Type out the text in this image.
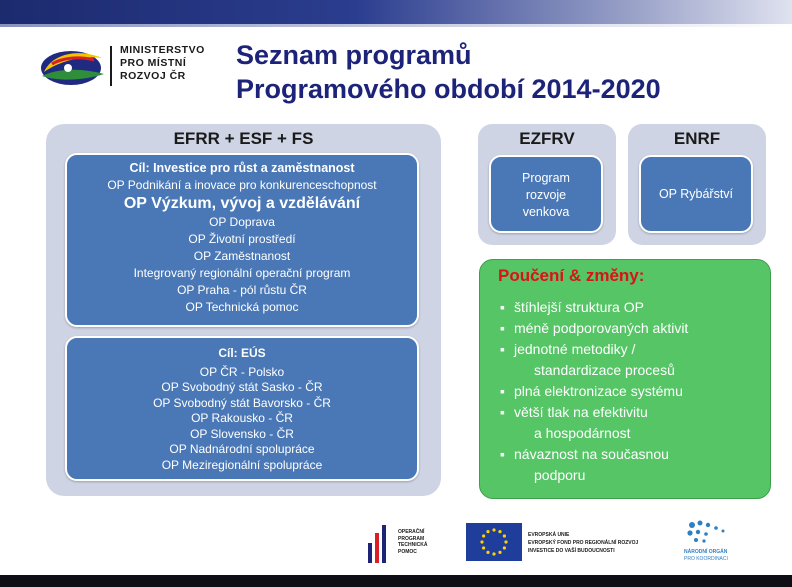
MINISTERSTVO
PRO MÍSTNÍ
ROZVOJ ČR
Seznam programů
Programového období 2014-2020
EFRR + ESF + FS
Cíl: Investice pro růst a zaměstnanost
OP Podnikání a inovace pro konkurenceschopnost
OP Výzkum, vývoj a vzdělávání
OP Doprava
OP Životní prostředí
OP Zaměstnanost
Integrovaný regionální operační program
OP Praha - pól růstu ČR
OP Technická pomoc
Cíl: EÚS
OP ČR - Polsko
OP Svobodný stát Sasko - ČR
OP Svobodný stát Bavorsko - ČR
OP Rakousko - ČR
OP Slovensko - ČR
OP Nadnárodní spolupráce
OP Meziregionální spolupráce
EZFRV
Program
rozvoje
venkova
ENRF
OP Rybářství
Poučení & změny:
▪ štíhlejší struktura OP
▪ méně podporovaných aktivit
▪ jednotné metodiky /
standardizace procesů
▪ plná elektronizace systému
▪ větší tlak na efektivitu
a hospodárnost
▪ návaznost na současnou
podporu
OPERAČNÍ
PROGRAM
TECHNICKÁ
POMOC
EVROPSKÁ UNIE
EVROPSKÝ FOND PRO REGIONÁLNÍ ROZVOJ
INVESTICE DO VAŠÍ BUDOUCNOSTI	NÁRODNÍ ORGÁN
PRO KOORDINACI
